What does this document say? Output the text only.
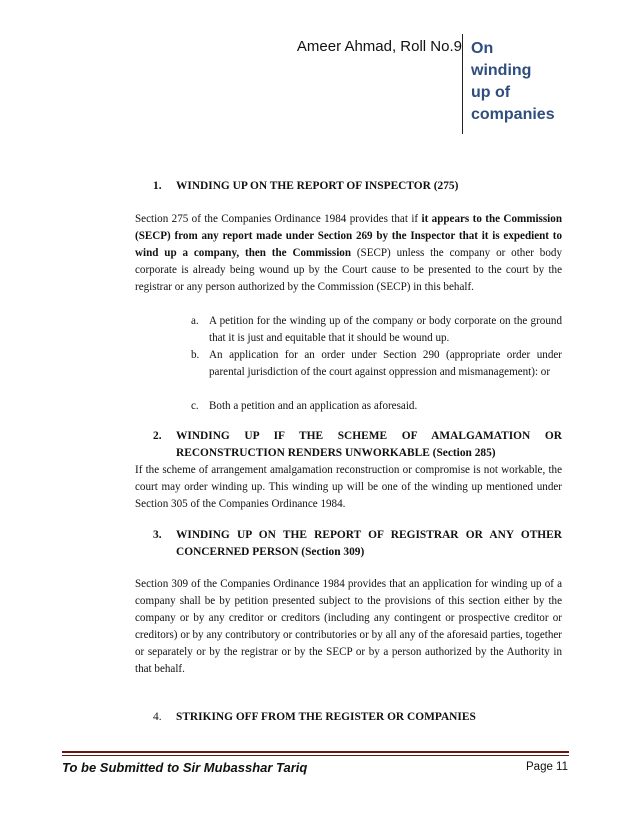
Ameer Ahmad, Roll No.9 On
winding
up of
companies
1. WINDING UP ON THE REPORT OF INSPECTOR (275)
Section 275 of the Companies Ordinance 1984 provides that if it appears to the Commission (SECP) from any report made under Section 269 by the Inspector that it is expedient to wind up a company, then the Commission (SECP) unless the company or other body corporate is already being wound up by the Court cause to be presented to the court by the registrar or any person authorized by the Commission (SECP) in this behalf.
a. A petition for the winding up of the company or body corporate on the ground that it is just and equitable that it should be wound up.
b. An application for an order under Section 290 (appropriate order under parental jurisdiction of the court against oppression and mismanagement): or
c. Both a petition and an application as aforesaid.
2. WINDING UP IF THE SCHEME OF AMALGAMATION OR RECONSTRUCTION RENDERS UNWORKABLE (Section 285)
If the scheme of arrangement amalgamation reconstruction or compromise is not workable, the court may order winding up. This winding up will be one of the winding up mentioned under Section 305 of the Companies Ordinance 1984.
3. WINDING UP ON THE REPORT OF REGISTRAR OR ANY OTHER CONCERNED PERSON (Section 309)
Section 309 of the Companies Ordinance 1984 provides that an application for winding up of a company shall be by petition presented subject to the provisions of this section either by the company or by any creditor or creditors (including any contingent or prospective creditor or creditors) or by any contributory or contributories or by all any of the aforesaid parties, together or separately or by the registrar or by the SECP or by a person authorized by the Authority in that behalf.
4. STRIKING OFF FROM THE REGISTER OR COMPANIES
To be Submitted to Sir Mubasshar Tariq	Page 11
